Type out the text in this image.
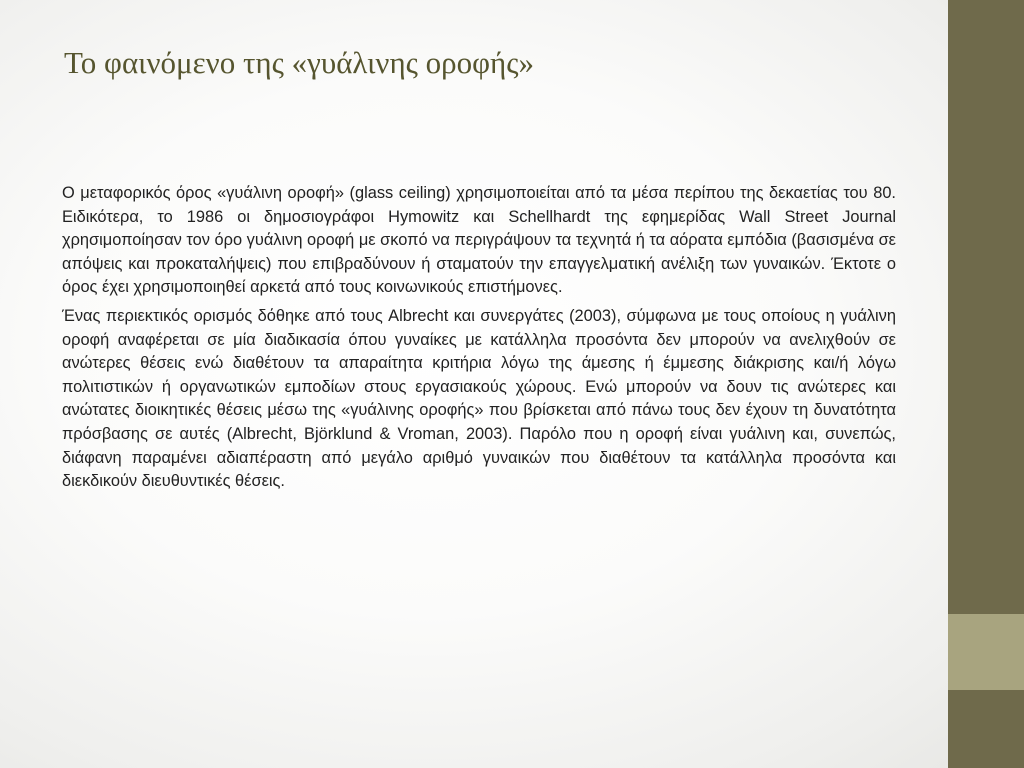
Το φαινόμενο της «γυάλινης οροφής»

Ο μεταφορικός όρος «γυάλινη οροφή» (glass ceiling) χρησιμοποιείται από τα μέσα περίπου της δεκαετίας του 80. Ειδικότερα, το 1986 οι δημοσιογράφοι Hymowitz και Schellhardt της εφημερίδας Wall Street Journal χρησιμοποίησαν τον όρο γυάλινη οροφή με σκοπό να περιγράψουν τα τεχνητά ή τα αόρατα εμπόδια (βασισμένα σε απόψεις και προκαταλήψεις) που επιβραδύνουν ή σταματούν την επαγγελματική ανέλιξη των γυναικών. Έκτοτε ο όρος έχει χρησιμοποιηθεί αρκετά από τους κοινωνικούς επιστήμονες.

Ένας περιεκτικός ορισμός δόθηκε από τους Albrecht και συνεργάτες (2003), σύμφωνα με τους οποίους η γυάλινη οροφή αναφέρεται σε μία διαδικασία όπου γυναίκες με κατάλληλα προσόντα δεν μπορούν να ανελιχθούν σε ανώτερες θέσεις ενώ διαθέτουν τα απαραίτητα κριτήρια λόγω της άμεσης ή έμμεσης διάκρισης και/ή λόγω πολιτιστικών ή οργανωτικών εμποδίων στους εργασιακούς χώρους. Ενώ μπορούν να δουν τις ανώτερες και ανώτατες διοικητικές θέσεις μέσω της «γυάλινης οροφής» που βρίσκεται από πάνω τους δεν έχουν τη δυνατότητα πρόσβασης σε αυτές (Albrecht, Björklund & Vroman, 2003). Παρόλο που η οροφή είναι γυάλινη και, συνεπώς, διάφανη παραμένει αδιαπέραστη από μεγάλο αριθμό γυναικών που διαθέτουν τα κατάλληλα προσόντα και διεκδικούν διευθυντικές θέσεις.
